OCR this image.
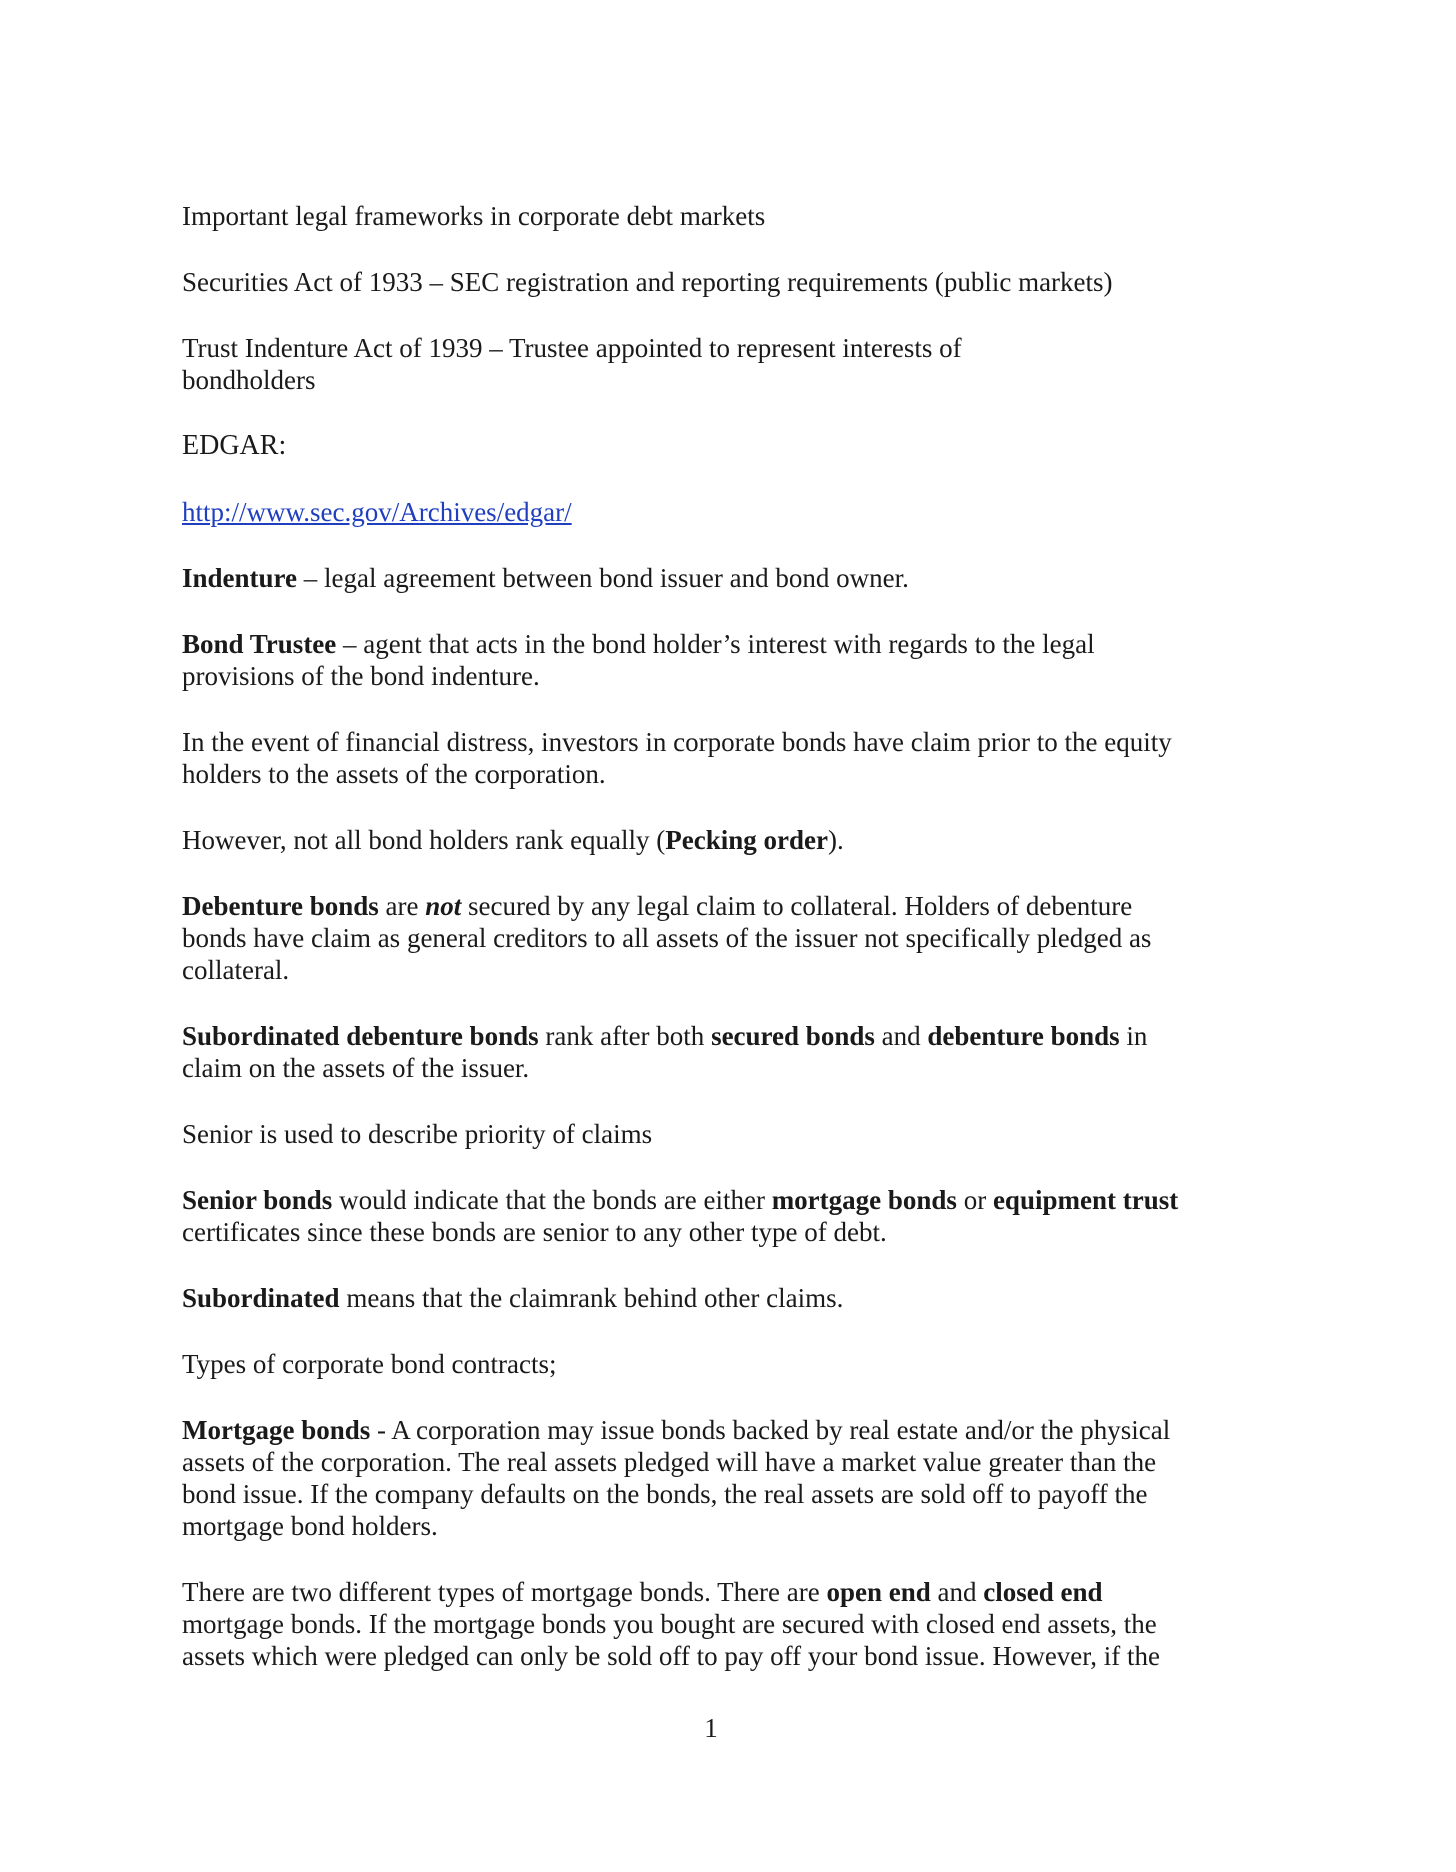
Important legal frameworks in corporate debt markets

Securities Act of 1933 – SEC registration and reporting requirements (public markets)

Trust Indenture Act of 1939 – Trustee appointed to represent interests of
bondholders

EDGAR:

http://www.sec.gov/Archives/edgar/

Indenture – legal agreement between bond issuer and bond owner.

Bond Trustee – agent that acts in the bond holder’s interest with regards to the legal
provisions of the bond indenture.

In the event of financial distress, investors in corporate bonds have claim prior to the equity
holders to the assets of the corporation.

However, not all bond holders rank equally (Pecking order).

Debenture bonds are not secured by any legal claim to collateral. Holders of debenture
bonds have claim as general creditors to all assets of the issuer not specifically pledged as
collateral.

Subordinated debenture bonds rank after both secured bonds and debenture bonds in
claim on the assets of the issuer.

Senior is used to describe priority of claims

Senior bonds would indicate that the bonds are either mortgage bonds or equipment trust
certificates since these bonds are senior to any other type of debt.

Subordinated means that the claimrank behind other claims.

Types of corporate bond contracts;

Mortgage bonds - A corporation may issue bonds backed by real estate and/or the physical
assets of the corporation. The real assets pledged will have a market value greater than the
bond issue. If the company defaults on the bonds, the real assets are sold off to payoff the
mortgage bond holders.

There are two different types of mortgage bonds. There are open end and closed end
mortgage bonds. If the mortgage bonds you bought are secured with closed end assets, the
assets which were pledged can only be sold off to pay off your bond issue. However, if the

1
